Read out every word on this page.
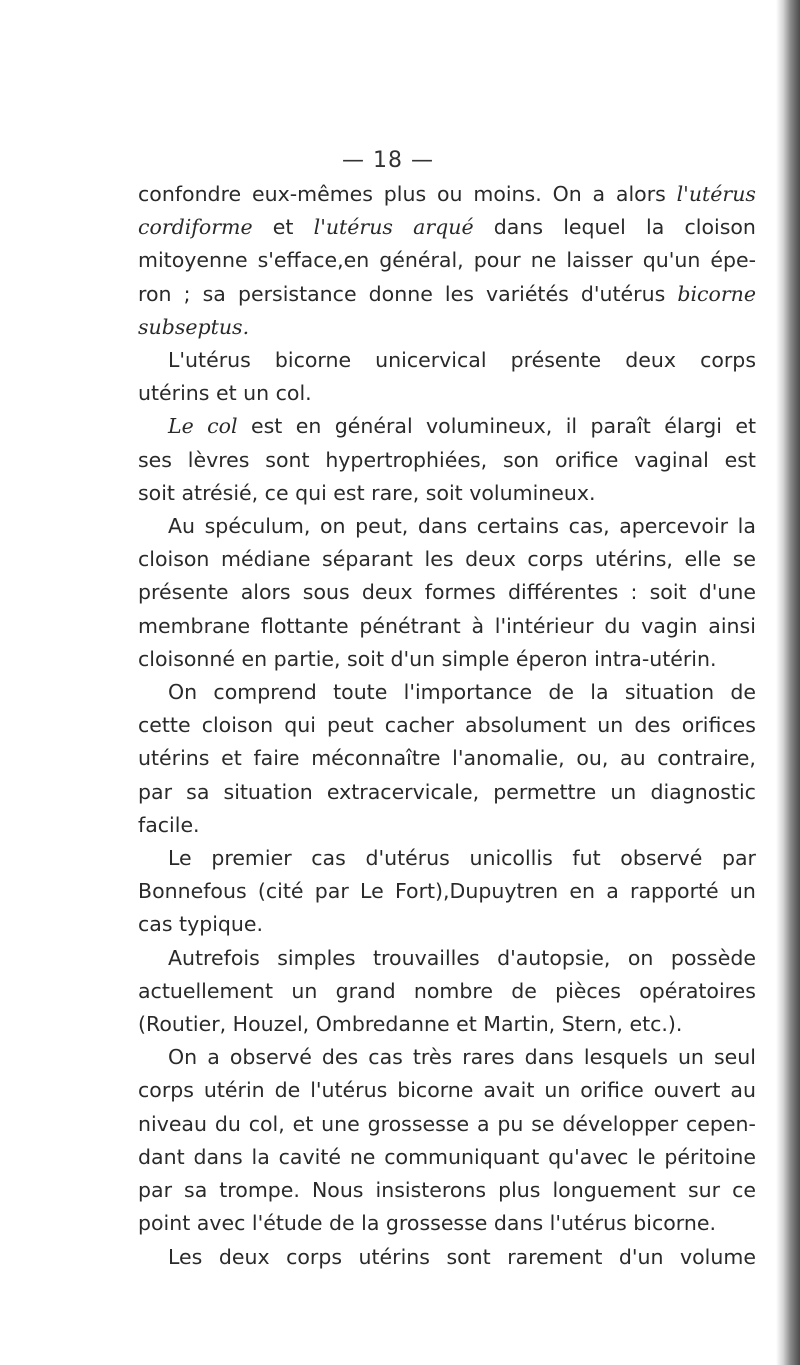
— 18 —
confondre eux-mêmes plus ou moins. On a alors l'utérus
cordiforme et l'utérus arqué dans lequel la cloison
mitoyenne s'efface,en général, pour ne laisser qu'un épe-
ron ; sa persistance donne les variétés d'utérus bicorne
subseptus.
L'utérus bicorne unicervical présente deux corps
utérins et un col.
Le col est en général volumineux, il paraît élargi et
ses lèvres sont hypertrophiées, son orifice vaginal est
soit atrésié, ce qui est rare, soit volumineux.
Au spéculum, on peut, dans certains cas, apercevoir la
cloison médiane séparant les deux corps utérins, elle se
présente alors sous deux formes différentes : soit d'une
membrane flottante pénétrant à l'intérieur du vagin ainsi
cloisonné en partie, soit d'un simple éperon intra-utérin.
On comprend toute l'importance de la situation de
cette cloison qui peut cacher absolument un des orifices
utérins et faire méconnaître l'anomalie, ou, au contraire,
par sa situation extracervicale, permettre un diagnostic
facile.
Le premier cas d'utérus unicollis fut observé par
Bonnefous (cité par Le Fort),Dupuytren en a rapporté un
cas typique.
Autrefois simples trouvailles d'autopsie, on possède
actuellement un grand nombre de pièces opératoires
(Routier, Houzel, Ombredanne et Martin, Stern, etc.).
On a observé des cas très rares dans lesquels un seul
corps utérin de l'utérus bicorne avait un orifice ouvert au
niveau du col, et une grossesse a pu se développer cepen-
dant dans la cavité ne communiquant qu'avec le péritoine
par sa trompe. Nous insisterons plus longuement sur ce
point avec l'étude de la grossesse dans l'utérus bicorne.
Les deux corps utérins sont rarement d'un volume
